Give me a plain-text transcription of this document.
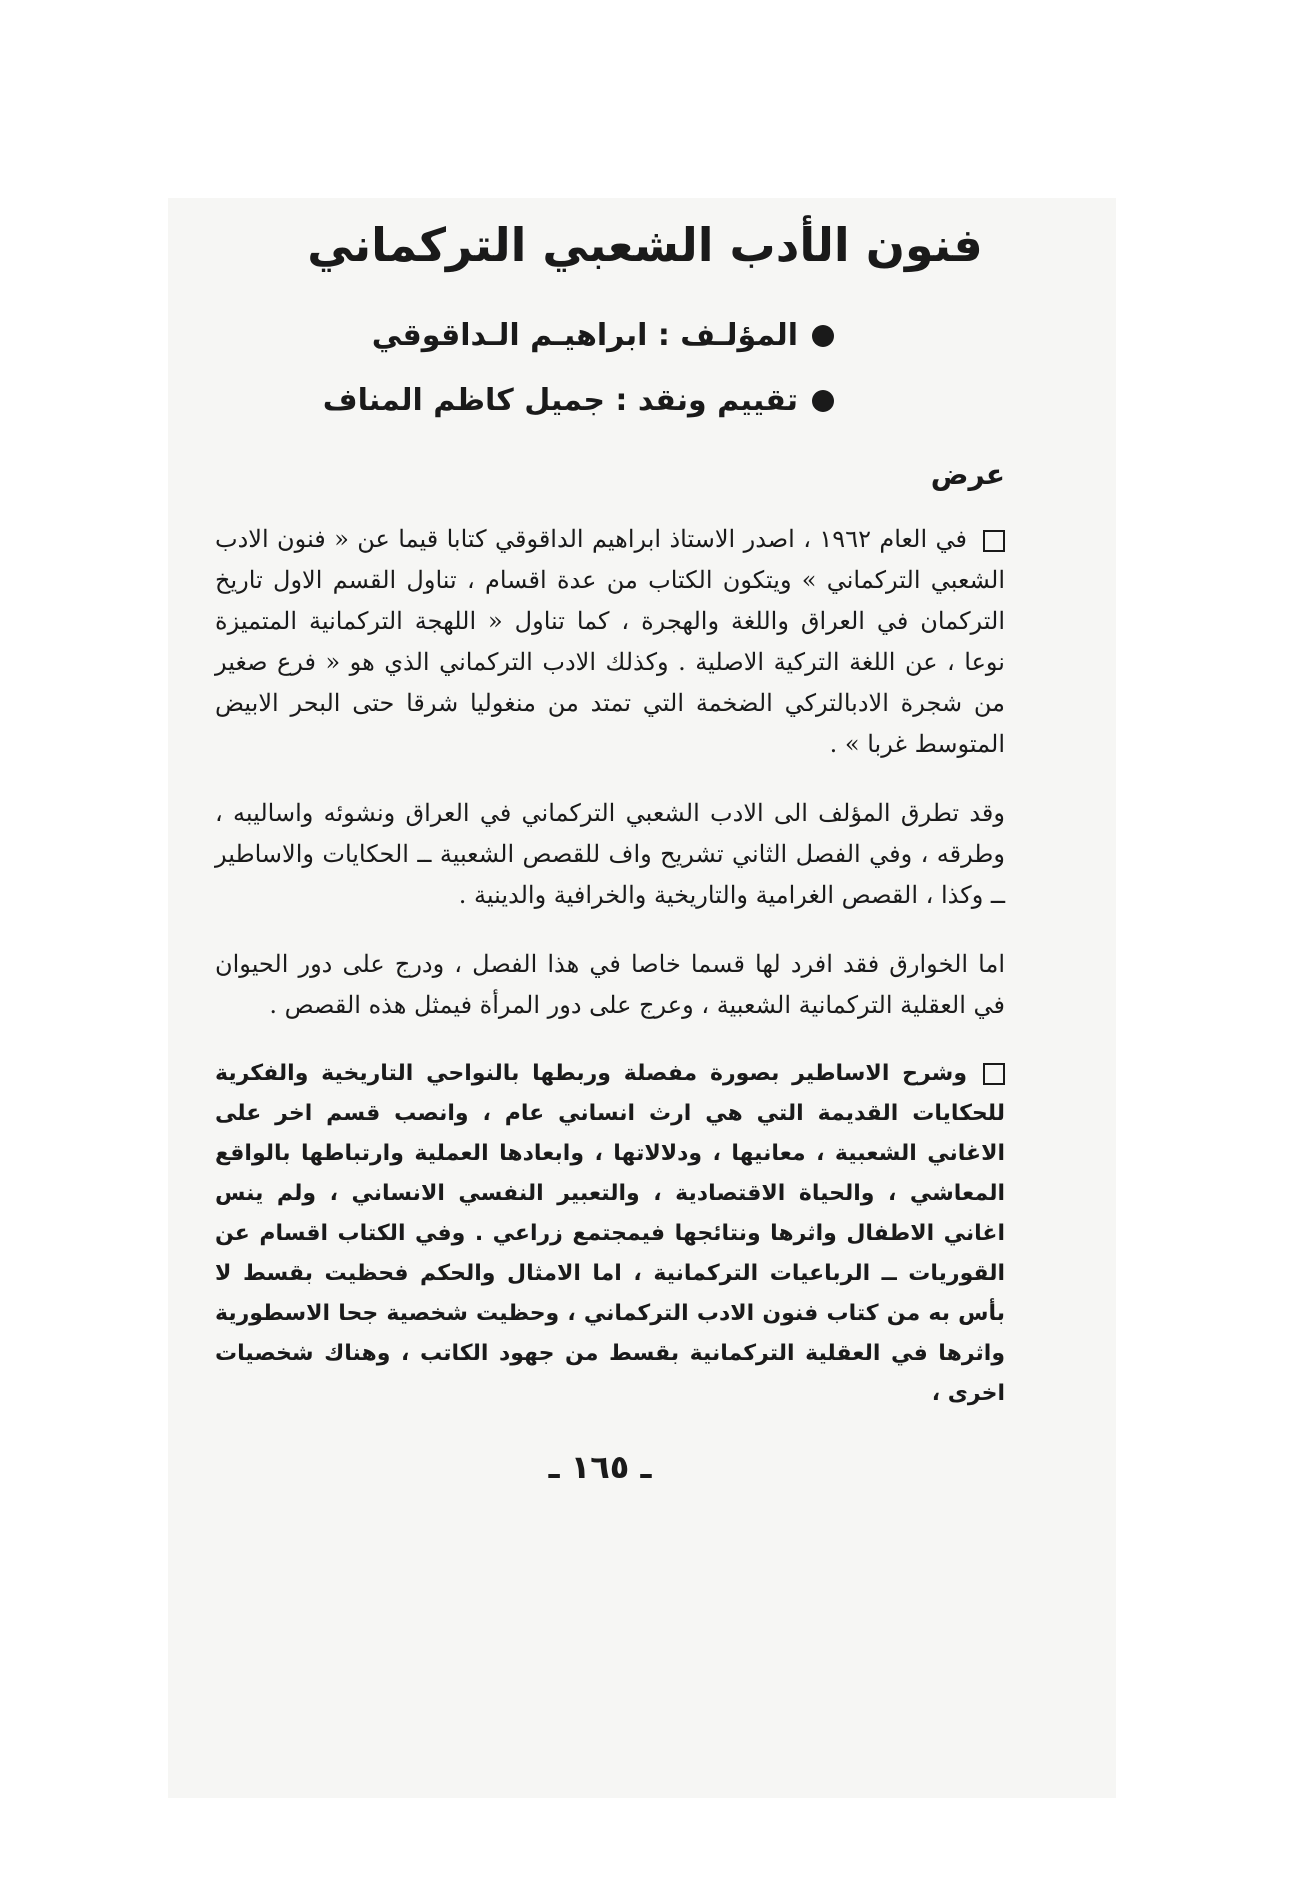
فنون الأدب الشعبي التركماني
المؤلـف : ابراهيـم الـداقوقي
تقييم ونقد : جميل كاظم المناف
عرض

في العام ١٩٦٢ ، اصدر الاستاذ ابراهيم الداقوقي كتابا قيما عن « فنون الادب الشعبي التركماني » ويتكون الكتاب من عدة اقسام ، تناول القسم الاول تاريخ التركمان في العراق واللغة والهجرة ، كما تناول « اللهجة التركمانية المتميزة نوعا ، عن اللغة التركية الاصلية . وكذلك الادب التركماني الذي هو « فرع صغير من شجرة الادبالتركي الضخمة التي تمتد من منغوليا شرقا حتى البحر الابيض المتوسط غربا » .

وقد تطرق المؤلف الى الادب الشعبي التركماني في العراق ونشوئه واساليبه ، وطرقه ، وفي الفصل الثاني تشريح واف للقصص الشعبية ــ الحكايات والاساطير ــ وكذا ، القصص الغرامية والتاريخية والخرافية والدينية .

اما الخوارق فقد افرد لها قسما خاصا في هذا الفصل ، ودرج على دور الحيوان في العقلية التركمانية الشعبية ، وعرج على دور المرأة فيمثل هذه القصص .

وشرح الاساطير بصورة مفصلة وربطها بالنواحي التاريخية والفكرية للحكايات القديمة التي هي ارث انساني عام ، وانصب قسم اخر على الاغاني الشعبية ، معانيها ، ودلالاتها ، وابعادها العملية وارتباطها بالواقع المعاشي ، والحياة الاقتصادية ، والتعبير النفسي الانساني ، ولم ينس اغاني الاطفال واثرها ونتائجها فيمجتمع زراعي . وفي الكتاب اقسام عن القوريات ــ الرباعيات التركمانية ، اما الامثال والحكم فحظيت بقسط لا بأس به من كتاب فنون الادب التركماني ، وحظيت شخصية جحا الاسطورية واثرها في العقلية التركمانية بقسط من جهود الكاتب ، وهناك شخصيات اخرى ،

ـ ١٦٥ ـ
